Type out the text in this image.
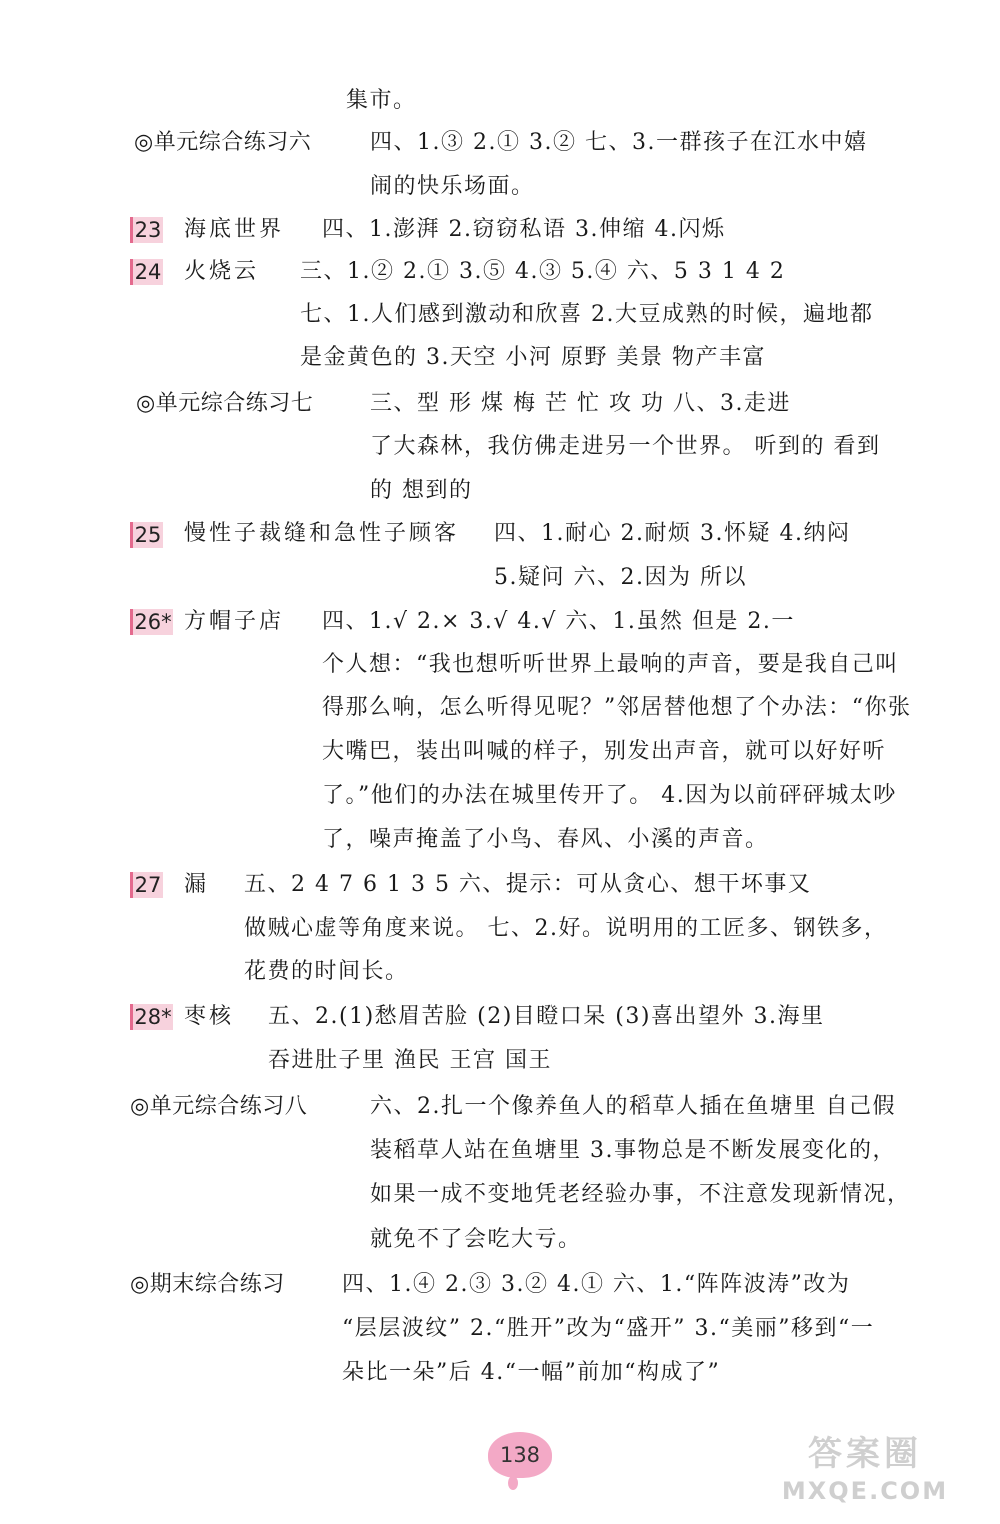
集市。
◎单元综合练习六	四、1.③ 2.① 3.② 七、3.一群孩子在江水中嬉
闹的快乐场面。
23 海底世界 四、1.澎湃 2.窃窃私语 3.伸缩 4.闪烁
24 火烧云 三、1.② 2.① 3.⑤ 4.③ 5.④ 六、5 3 1 4 2
七、1.人们感到激动和欣喜 2.大豆成熟的时候，遍地都
是金黄色的 3.天空 小河 原野 美景 物产丰富
◎单元综合练习七	三、型 形 煤 梅 芒 忙 攻 功 八、3.走进
了大森林，我仿佛走进另一个世界。 听到的 看到
的 想到的
25 慢性子裁缝和急性子顾客 四、1.耐心 2.耐烦 3.怀疑 4.纳闷
5.疑问 六、2.因为 所以
26* 方帽子店 四、1.√ 2.× 3.√ 4.√ 六、1.虽然 但是 2.一
个人想：“我也想听听世界上最响的声音，要是我自己叫
得那么响，怎么听得见呢？”邻居替他想了个办法：“你张
大嘴巴，装出叫喊的样子，别发出声音，就可以好好听
了。”他们的办法在城里传开了。 4.因为以前砰砰城太吵
了，噪声掩盖了小鸟、春风、小溪的声音。
27 漏 五、2 4 7 6 1 3 5 六、提示：可从贪心、想干坏事又
做贼心虚等角度来说。 七、2.好。说明用的工匠多、钢铁多，
花费的时间长。
28* 枣核 五、2.(1)愁眉苦脸 (2)目瞪口呆 (3)喜出望外 3.海里
吞进肚子里 渔民 王宫 国王
◎单元综合练习八	六、2.扎一个像养鱼人的稻草人插在鱼塘里 自己假
装稻草人站在鱼塘里 3.事物总是不断发展变化的，
如果一成不变地凭老经验办事，不注意发现新情况，
就免不了会吃大亏。
◎期末综合练习	四、1.④ 2.③ 3.② 4.① 六、1.“阵阵波涛”改为
“层层波纹” 2.“胜开”改为“盛开” 3.“美丽”移到“一
朵比一朵”后 4.“一幅”前加“构成了”
138	答案圈
MXQE.COM
